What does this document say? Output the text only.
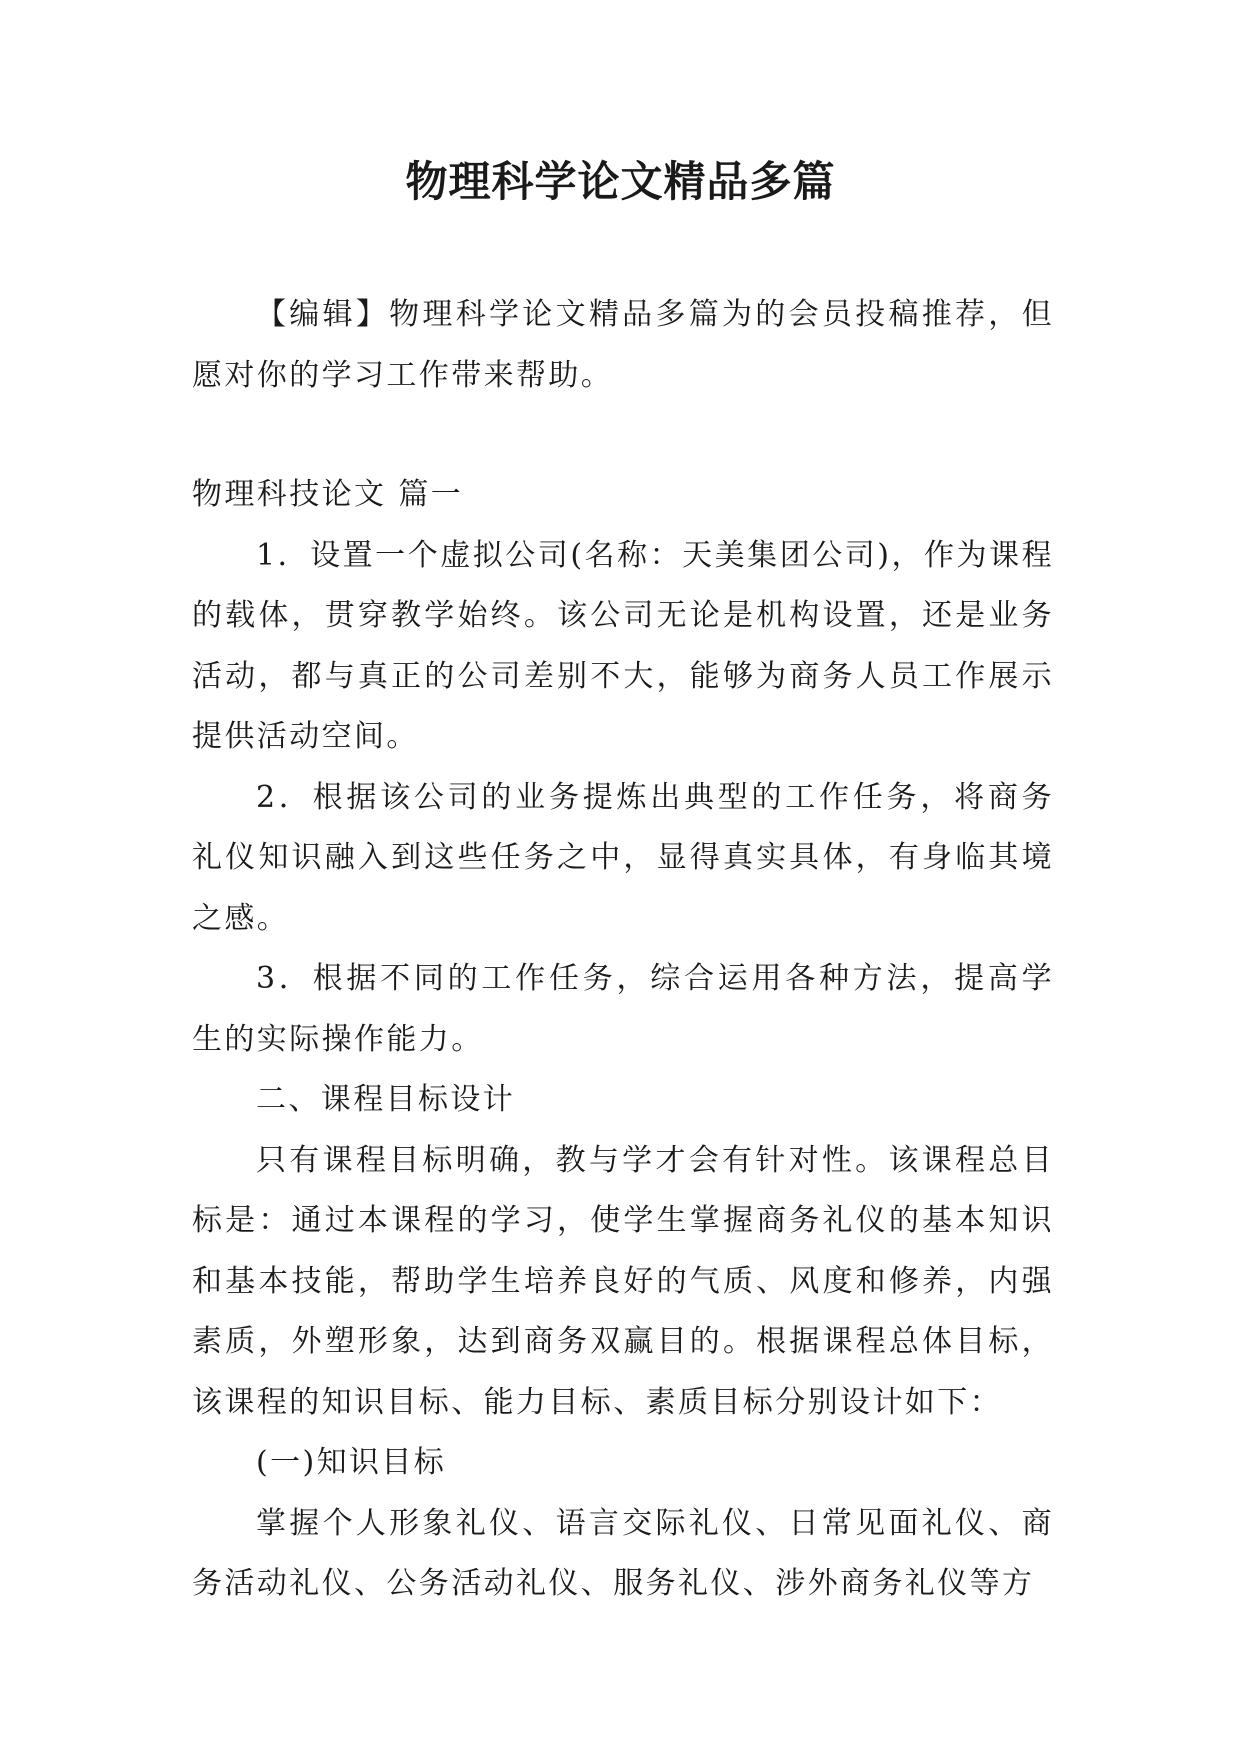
物理科学论文精品多篇

【编辑】物理科学论文精品多篇为的会员投稿推荐，但愿对你的学习工作带来帮助。

物理科技论文 篇一

1．设置一个虚拟公司(名称：天美集团公司)，作为课程的载体，贯穿教学始终。该公司无论是机构设置，还是业务活动，都与真正的公司差别不大，能够为商务人员工作展示提供活动空间。

2．根据该公司的业务提炼出典型的工作任务，将商务礼仪知识融入到这些任务之中，显得真实具体，有身临其境之感。

3．根据不同的工作任务，综合运用各种方法，提高学生的实际操作能力。

二、课程目标设计

只有课程目标明确，教与学才会有针对性。该课程总目标是：通过本课程的学习，使学生掌握商务礼仪的基本知识和基本技能，帮助学生培养良好的气质、风度和修养，内强素质，外塑形象，达到商务双赢目的。根据课程总体目标，该课程的知识目标、能力目标、素质目标分别设计如下：

(一)知识目标

掌握个人形象礼仪、语言交际礼仪、日常见面礼仪、商务活动礼仪、公务活动礼仪、服务礼仪、涉外商务礼仪等方
